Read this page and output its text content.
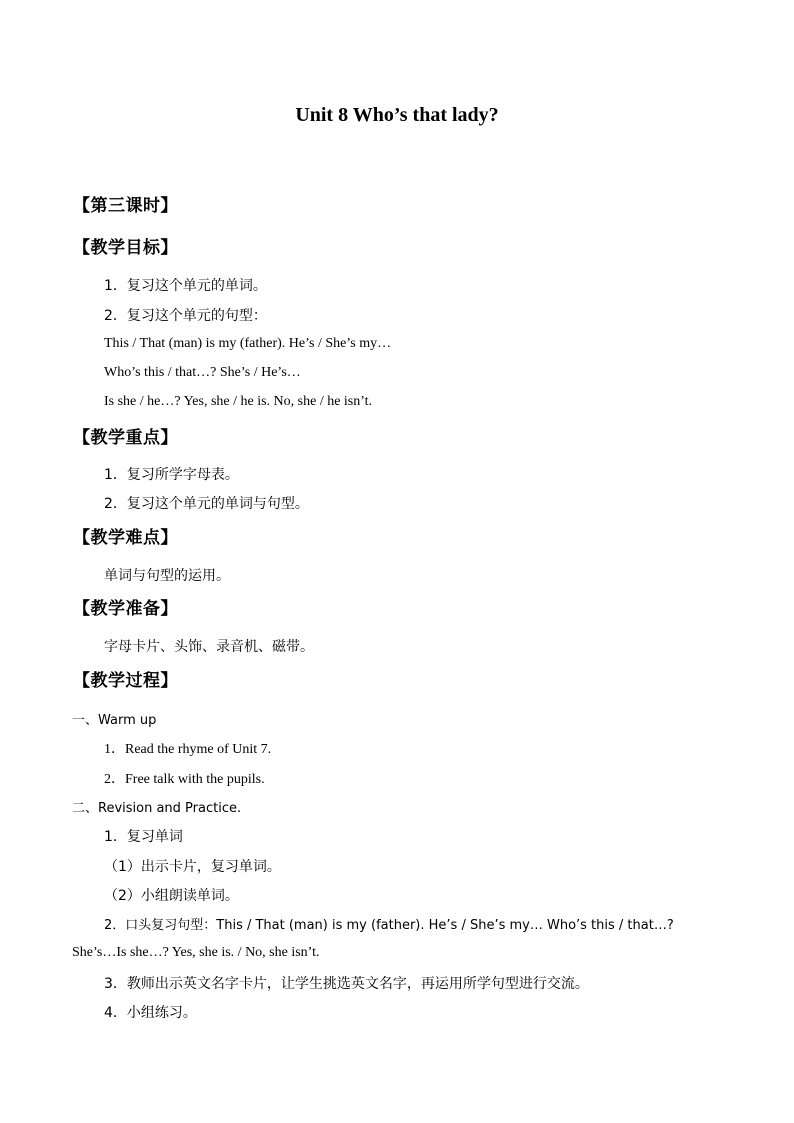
Unit 8 Who’s that lady?
【第三课时】
【教学目标】
1．复习这个单元的单词。
2．复习这个单元的句型：
This / That (man) is my (father). He’s / She’s my…
Who’s this / that…? She’s / He’s…
Is she / he…? Yes, she / he is. No, she / he isn’t.
【教学重点】
1．复习所学字母表。
2．复习这个单元的单词与句型。
【教学难点】
单词与句型的运用。
【教学准备】
字母卡片、头饰、录音机、磁带。
【教学过程】
一、Warm up
1．Read the rhyme of Unit 7.
2．Free talk with the pupils.
二、Revision and Practice.
1．复习单词
（1）出示卡片，复习单词。
（2）小组朗读单词。
2．口头复习句型：This / That (man) is my (father). He’s / She’s my… Who’s this / that…?
She’s…Is she…? Yes, she is. / No, she isn’t.
3．教师出示英文名字卡片，让学生挑选英文名字，再运用所学句型进行交流。
4．小组练习。
